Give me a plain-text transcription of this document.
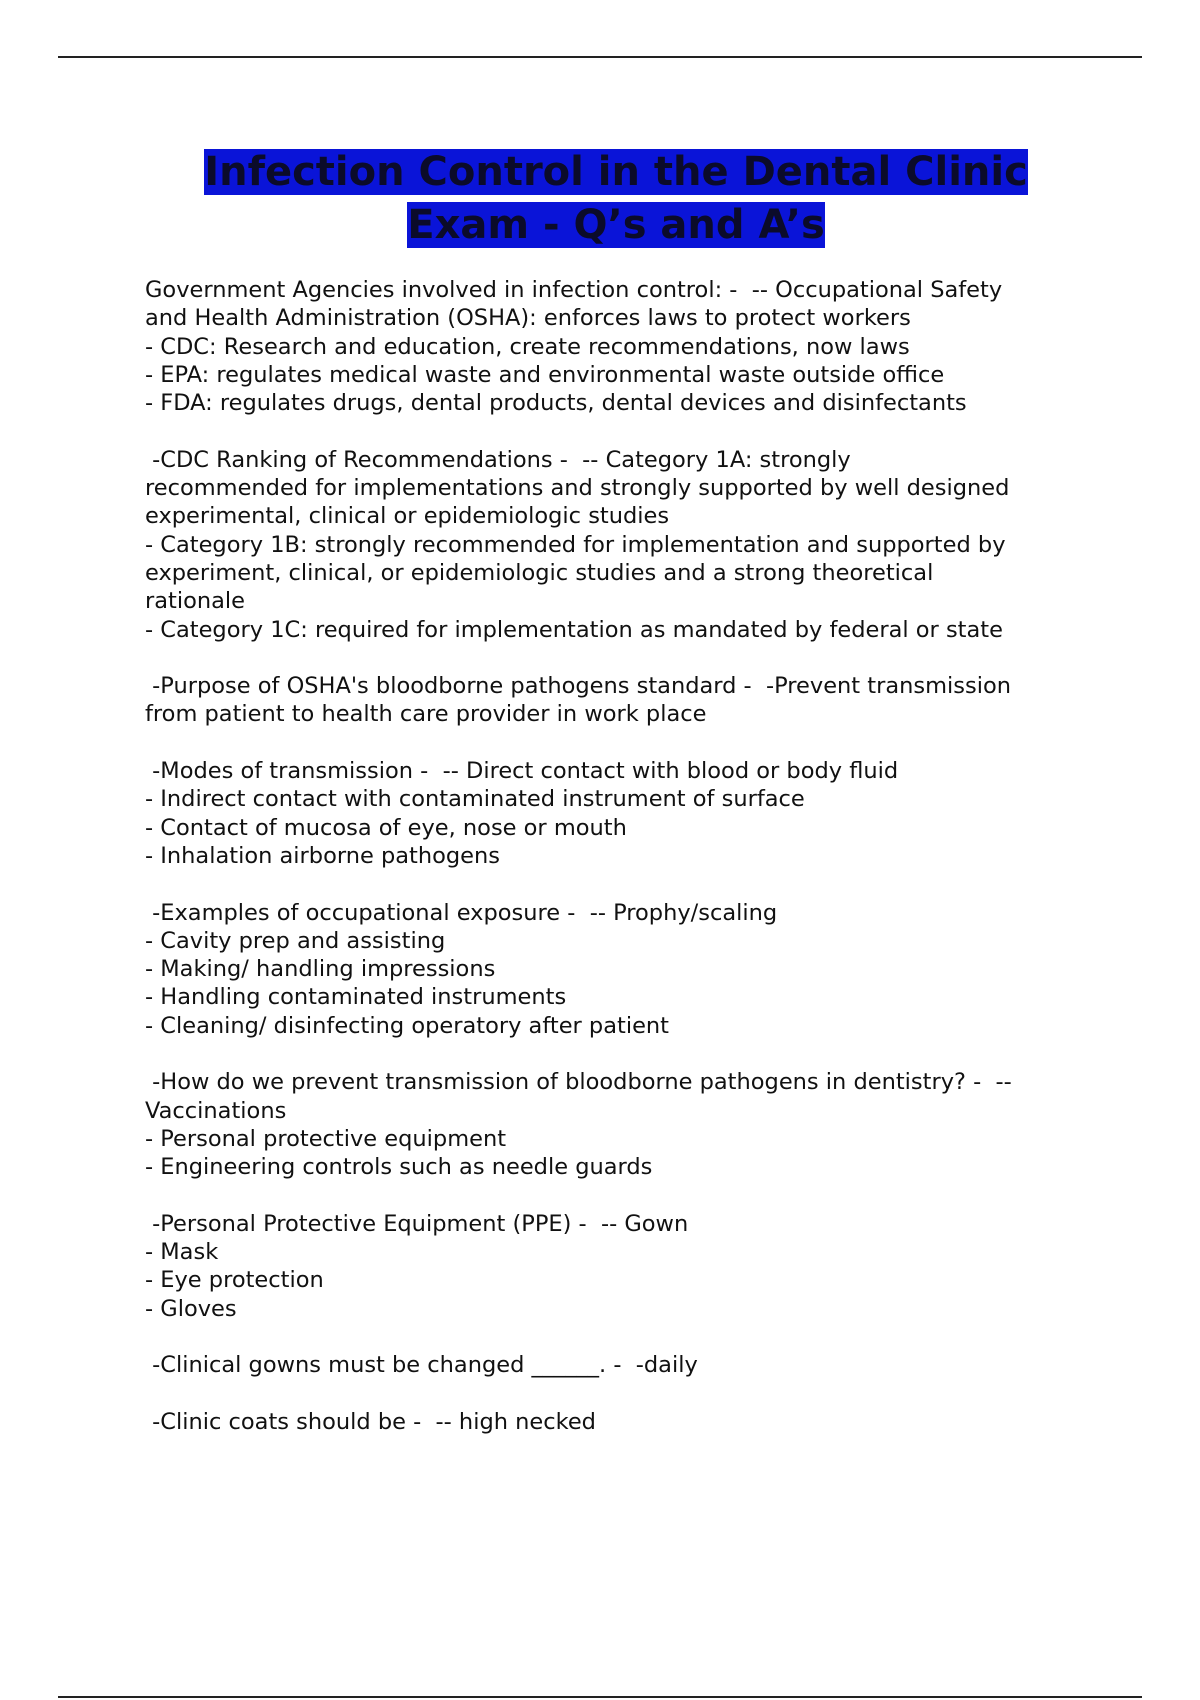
Infection Control in the Dental Clinic
Exam - Q’s and A’s
Government Agencies involved in infection control: -  -- Occupational Safety
and Health Administration (OSHA): enforces laws to protect workers
- CDC: Research and education, create recommendations, now laws
- EPA: regulates medical waste and environmental waste outside office
- FDA: regulates drugs, dental products, dental devices and disinfectants
-CDC Ranking of Recommendations -  -- Category 1A: strongly
recommended for implementations and strongly supported by well designed
experimental, clinical or epidemiologic studies
- Category 1B: strongly recommended for implementation and supported by
experiment, clinical, or epidemiologic studies and a strong theoretical
rationale
- Category 1C: required for implementation as mandated by federal or state
-Purpose of OSHA's bloodborne pathogens standard -  -Prevent transmission
from patient to health care provider in work place
-Modes of transmission -  -- Direct contact with blood or body fluid
- Indirect contact with contaminated instrument of surface
- Contact of mucosa of eye, nose or mouth
- Inhalation airborne pathogens
-Examples of occupational exposure -  -- Prophy/scaling
- Cavity prep and assisting
- Making/ handling impressions
- Handling contaminated instruments
- Cleaning/ disinfecting operatory after patient
-How do we prevent transmission of bloodborne pathogens in dentistry? -  --
Vaccinations
- Personal protective equipment
- Engineering controls such as needle guards
-Personal Protective Equipment (PPE) -  -- Gown
- Mask
- Eye protection
- Gloves
-Clinical gowns must be changed ______. -  -daily
-Clinic coats should be -  -- high necked
